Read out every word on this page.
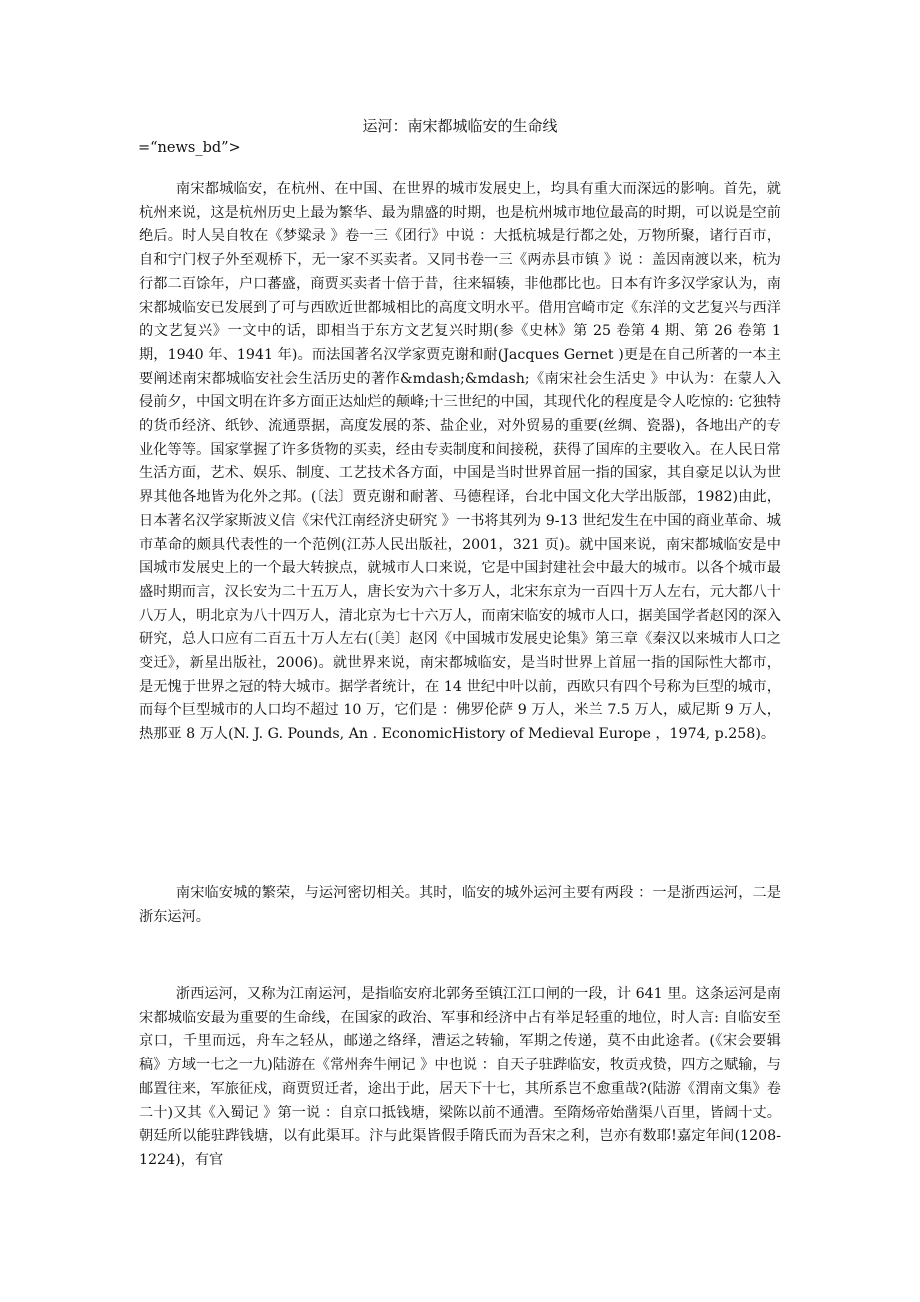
运河：南宋都城临安的生命线
=“news_bd”>

南宋都城临安，在杭州、在中国、在世界的城市发展史上，均具有重大而深远的影响。首先，就杭州来说，这是杭州历史上最为繁华、最为鼎盛的时期，也是杭州城市地位最高的时期，可以说是空前绝后。时人吴自牧在《梦粱录 》卷一三《团行》中说 ：大抵杭城是行都之处，万物所聚，诸行百市，自和宁门杈子外至观桥下，无一家不买卖者。又同书卷一三《两赤县市镇 》说 ：盖因南渡以来，杭为行都二百馀年，户口蕃盛，商贾买卖者十倍于昔，往来辐辏，非他郡比也。日本有许多汉学家认为，南宋都城临安已发展到了可与西欧近世都城相比的高度文明水平。借用宫崎市定《东洋的文艺复兴与西洋的文艺复兴》一文中的话，即相当于东方文艺复兴时期(参《史林》第 25 卷第 4 期、第 26 卷第 1 期，1940 年、1941 年)。而法国著名汉学家贾克谢和耐(Jacques Gernet )更是在自己所著的一本主要阐述南宋都城临安社会生活历史的著作&mdash;&mdash;《南宋社会生活史 》中认为：在蒙人入侵前夕，中国文明在许多方面正达灿烂的颠峰;十三世纪的中国，其现代化的程度是令人吃惊的: 它独特的货币经济、纸钞、流通票据，高度发展的茶、盐企业，对外贸易的重要(丝绸、瓷器)，各地出产的专业化等等。国家掌握了许多货物的买卖，经由专卖制度和间接税，获得了国库的主要收入。在人民日常生活方面，艺术、娱乐、制度、工艺技术各方面，中国是当时世界首屈一指的国家，其自豪足以认为世界其他各地皆为化外之邦。(〔法〕贾克谢和耐著、马德程译，台北中国文化大学出版部，1982)由此，日本著名汉学家斯波义信《宋代江南经济史研究 》一书将其列为 9-13 世纪发生在中国的商业革命、城市革命的颇具代表性的一个范例(江苏人民出版社，2001，321 页)。就中国来说，南宋都城临安是中国城市发展史上的一个最大转捩点，就城市人口来说，它是中国封建社会中最大的城市。以各个城市最盛时期而言，汉长安为二十五万人，唐长安为六十多万人，北宋东京为一百四十万人左右，元大都八十八万人，明北京为八十四万人，清北京为七十六万人，而南宋临安的城市人口，据美国学者赵冈的深入研究，总人口应有二百五十万人左右(〔美〕赵冈《中国城市发展史论集》第三章《秦汉以来城市人口之变迁》，新星出版社，2006)。就世界来说，南宋都城临安，是当时世界上首屈一指的国际性大都市，是无愧于世界之冠的特大城市。据学者统计，在 14 世纪中叶以前，西欧只有四个号称为巨型的城市，而每个巨型城市的人口均不超过 10 万，它们是 ：佛罗伦萨 9 万人，米兰 7.5 万人，威尼斯 9 万人，热那亚 8 万人(N. J. G. Pounds, An . EconomicHistory of Medieval Europe ，1974, p.258)。

南宋临安城的繁荣，与运河密切相关。其时，临安的城外运河主要有两段 ：一是浙西运河，二是浙东运河。

浙西运河，又称为江南运河，是指临安府北郭务至镇江江口闸的一段，计 641 里。这条运河是南宋都城临安最为重要的生命线，在国家的政治、军事和经济中占有举足轻重的地位，时人言: 自临安至京口，千里而远，舟车之轻从，邮递之络绎，漕运之转输，军期之传递，莫不由此途者。(《宋会要辑稿》方域一七之一九)陆游在《常州奔牛闸记 》中也说 ：自天子驻跸临安，牧贡戎贽，四方之赋输，与邮置往来，军旅征戍，商贾贸迁者，途出于此，居天下十七，其所系岂不愈重哉?(陆游《渭南文集》卷二十)又其《入蜀记 》第一说 ：自京口抵钱塘，梁陈以前不通漕。至隋炀帝始凿渠八百里，皆阔十丈。朝廷所以能驻跸钱塘，以有此渠耳。汴与此渠皆假手隋氏而为吾宋之利，岂亦有数耶!嘉定年间(1208-1224)，有官
